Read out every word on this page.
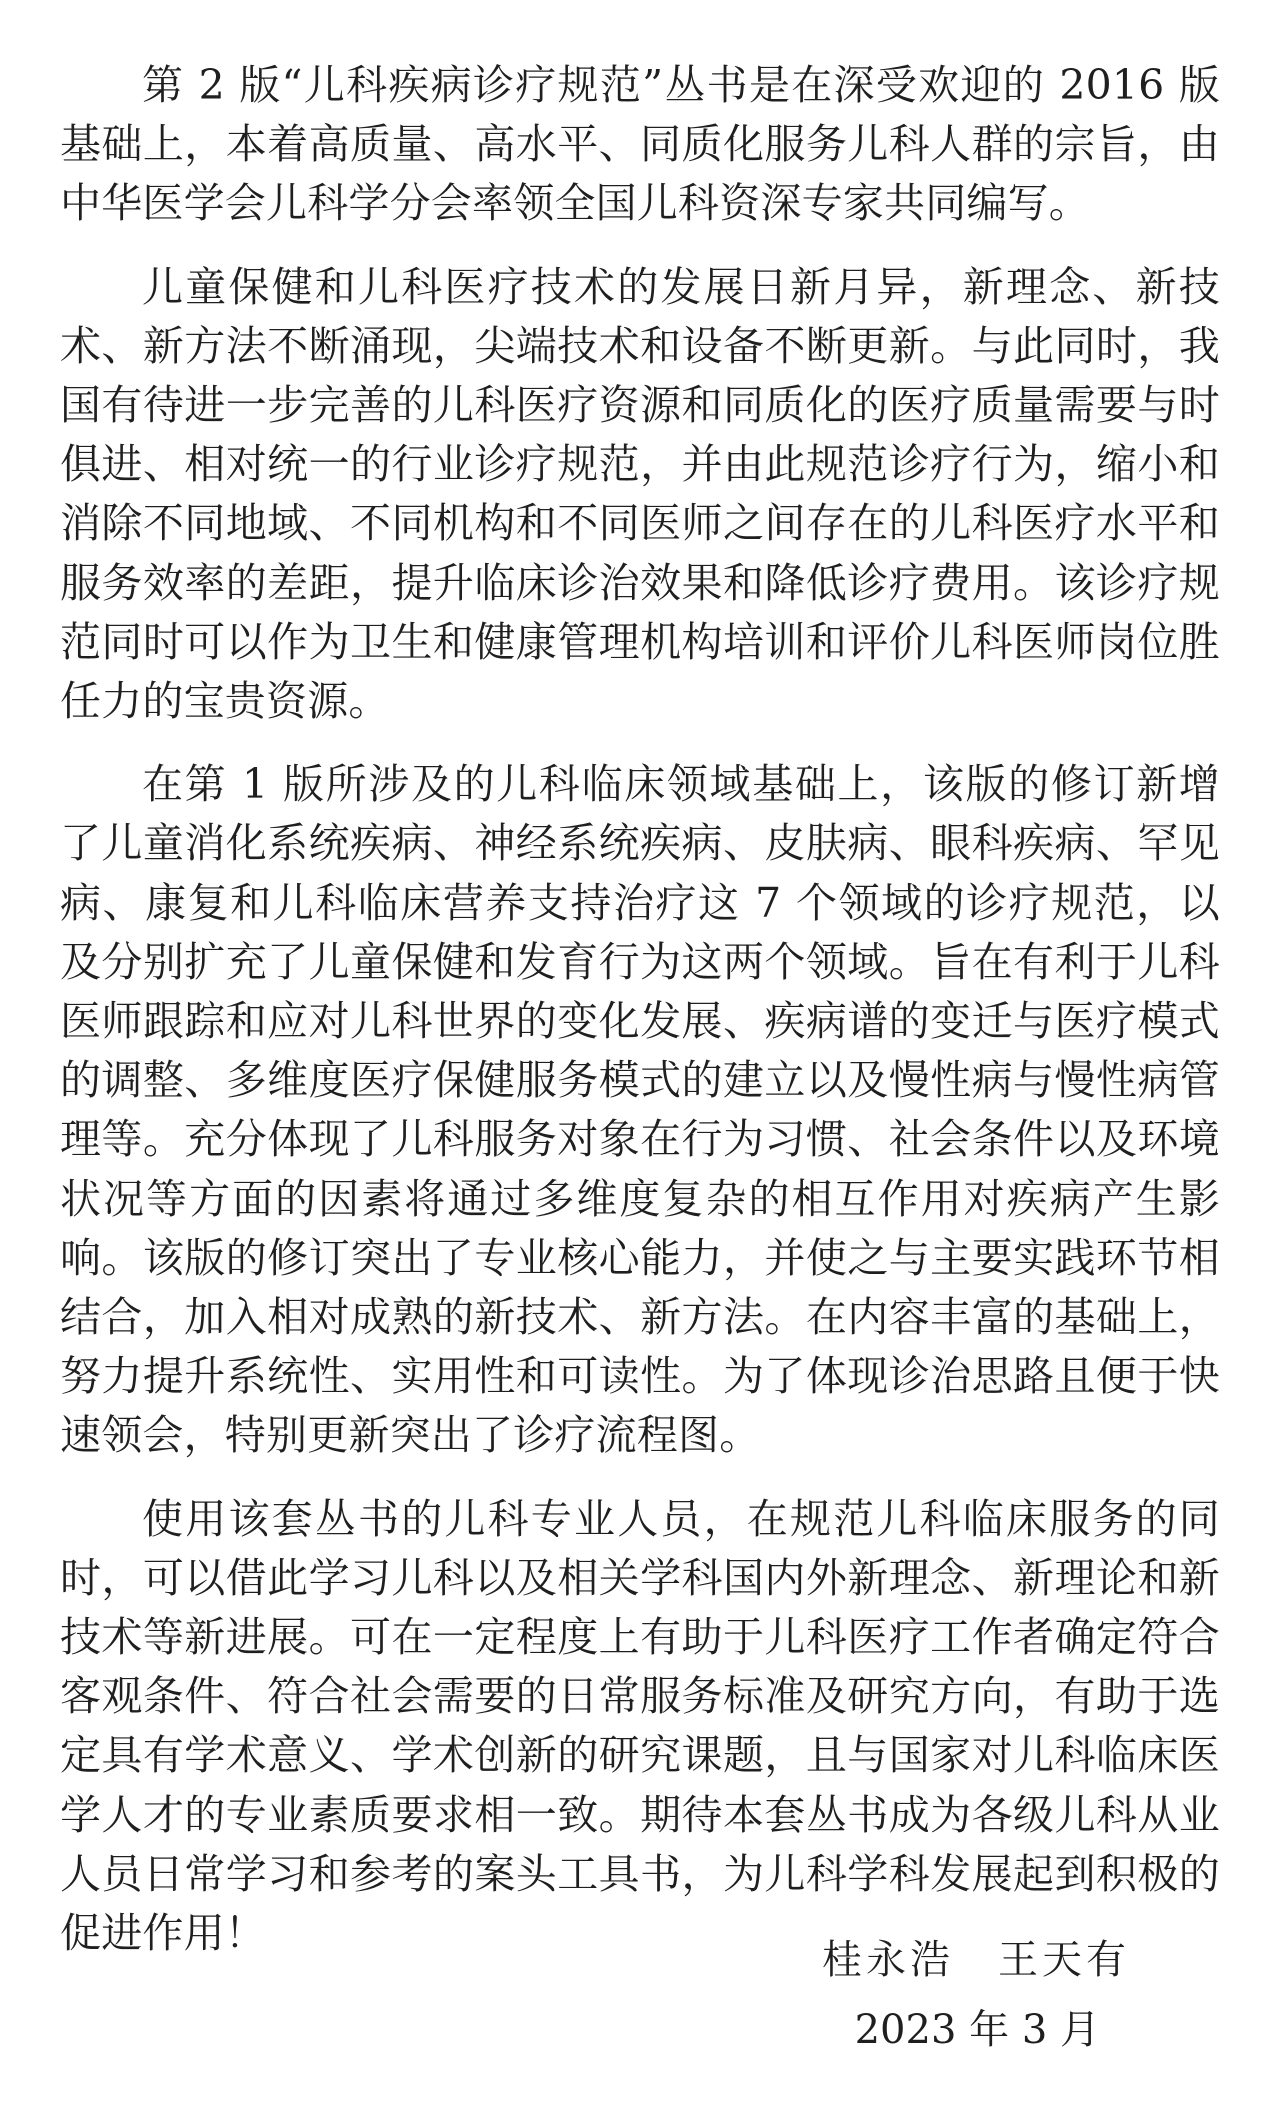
第 2 版“儿科疾病诊疗规范”丛书是在深受欢迎的 2016 版基础上，本着高质量、高水平、同质化服务儿科人群的宗旨，由中华医学会儿科学分会率领全国儿科资深专家共同编写。

儿童保健和儿科医疗技术的发展日新月异，新理念、新技术、新方法不断涌现，尖端技术和设备不断更新。与此同时，我国有待进一步完善的儿科医疗资源和同质化的医疗质量需要与时俱进、相对统一的行业诊疗规范，并由此规范诊疗行为，缩小和消除不同地域、不同机构和不同医师之间存在的儿科医疗水平和服务效率的差距，提升临床诊治效果和降低诊疗费用。该诊疗规范同时可以作为卫生和健康管理机构培训和评价儿科医师岗位胜任力的宝贵资源。

在第 1 版所涉及的儿科临床领域基础上，该版的修订新增了儿童消化系统疾病、神经系统疾病、皮肤病、眼科疾病、罕见病、康复和儿科临床营养支持治疗这 7 个领域的诊疗规范，以及分别扩充了儿童保健和发育行为这两个领域。旨在有利于儿科医师跟踪和应对儿科世界的变化发展、疾病谱的变迁与医疗模式的调整、多维度医疗保健服务模式的建立以及慢性病与慢性病管理等。充分体现了儿科服务对象在行为习惯、社会条件以及环境状况等方面的因素将通过多维度复杂的相互作用对疾病产生影响。该版的修订突出了专业核心能力，并使之与主要实践环节相结合，加入相对成熟的新技术、新方法。在内容丰富的基础上，努力提升系统性、实用性和可读性。为了体现诊治思路且便于快速领会，特别更新突出了诊疗流程图。

使用该套丛书的儿科专业人员，在规范儿科临床服务的同时，可以借此学习儿科以及相关学科国内外新理念、新理论和新技术等新进展。可在一定程度上有助于儿科医疗工作者确定符合客观条件、符合社会需要的日常服务标准及研究方向，有助于选定具有学术意义、学术创新的研究课题，且与国家对儿科临床医学人才的专业素质要求相一致。期待本套丛书成为各级儿科从业人员日常学习和参考的案头工具书，为儿科学科发展起到积极的促进作用！

桂永浩　王天有
2023 年 3 月
